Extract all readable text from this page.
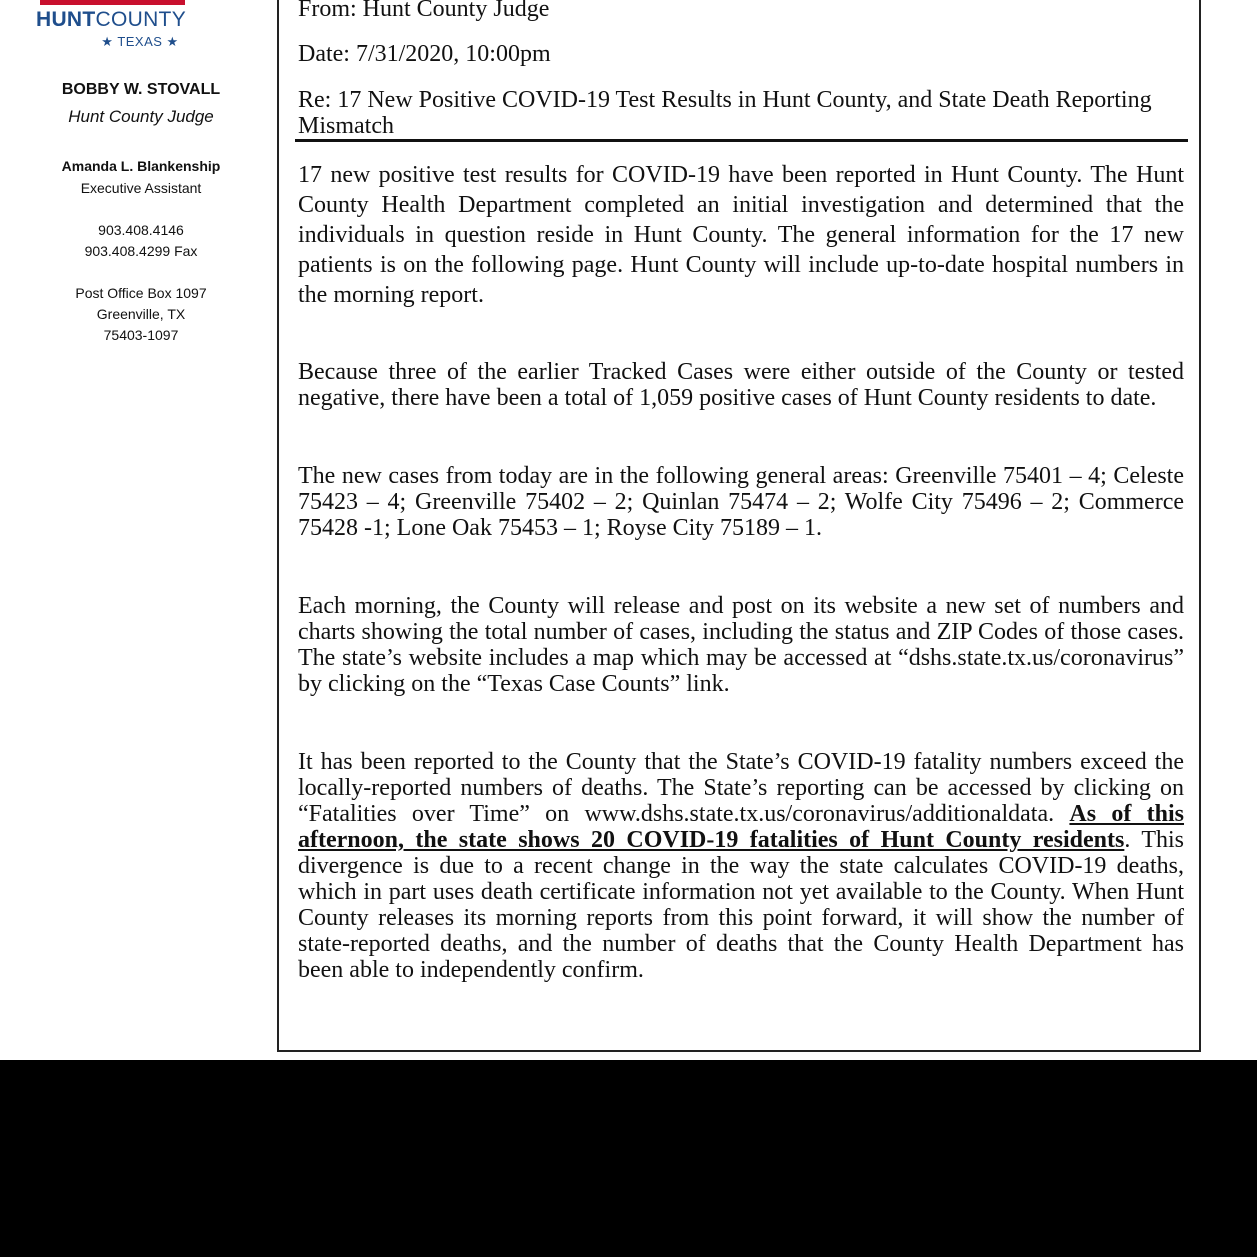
HUNTCOUNTY
★ TEXAS ★
BOBBY W. STOVALL
Hunt County Judge
Amanda L. Blankenship
Executive Assistant
903.408.4146
903.408.4299 Fax
Post Office Box 1097
Greenville, TX
75403-1097
From: Hunt County Judge
Date: 7/31/2020, 10:00pm
Re: 17 New Positive COVID-19 Test Results in Hunt County, and State Death Reporting Mismatch

17 new positive test results for COVID-19 have been reported in Hunt County. The Hunt County Health Department completed an initial investigation and determined that the individuals in question reside in Hunt County. The general information for the 17 new patients is on the following page. Hunt County will include up-to-date hospital numbers in the morning report.

Because three of the earlier Tracked Cases were either outside of the County or tested negative, there have been a total of 1,059 positive cases of Hunt County residents to date.

The new cases from today are in the following general areas: Greenville 75401 – 4; Celeste 75423 – 4; Greenville 75402 – 2; Quinlan 75474 – 2; Wolfe City 75496 – 2; Commerce 75428 -1; Lone Oak 75453 – 1; Royse City 75189 – 1.

Each morning, the County will release and post on its website a new set of numbers and charts showing the total number of cases, including the status and ZIP Codes of those cases. The state’s website includes a map which may be accessed at “dshs.state.tx.us/coronavirus” by clicking on the “Texas Case Counts” link.

It has been reported to the County that the State’s COVID-19 fatality numbers exceed the locally-reported numbers of deaths. The State’s reporting can be accessed by clicking on “Fatalities over Time” on www.dshs.state.tx.us/coronavirus/additionaldata. As of this afternoon, the state shows 20 COVID-19 fatalities of Hunt County residents. This divergence is due to a recent change in the way the state calculates COVID-19 deaths, which in part uses death certificate information not yet available to the County. When Hunt County releases its morning reports from this point forward, it will show the number of state-reported deaths, and the number of deaths that the County Health Department has been able to independently confirm.
